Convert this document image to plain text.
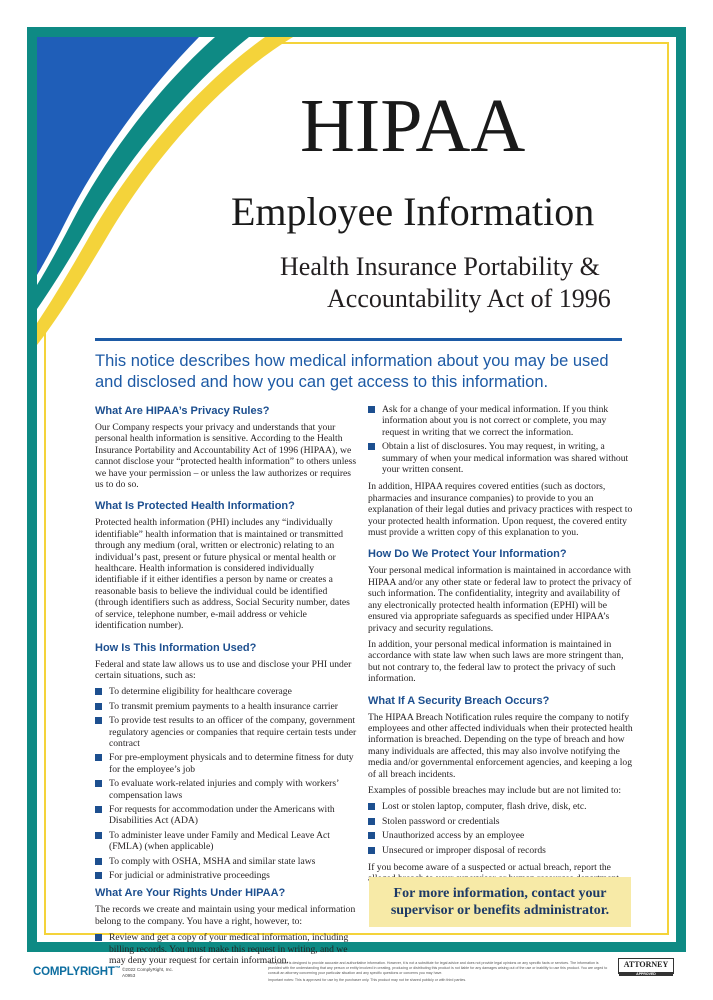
HIPAA
Employee Information
Health Insurance Portability &
Accountability Act of 1996
This notice describes how medical information about you may be used and disclosed and how you can get access to this information.
What Are HIPAA’s Privacy Rules?

Our Company respects your privacy and understands that your personal health information is sensitive. According to the Health Insurance Portability and Accountability Act of 1996 (HIPAA), we cannot disclose your “protected health information” to others unless we have your permission – or unless the law authorizes or requires us to do so.

What Is Protected Health Information?

Protected health information (PHI) includes any “individually identifiable” health information that is maintained or transmitted through any medium (oral, written or electronic) relating to an individual’s past, present or future physical or mental health or healthcare. Health information is considered individually identifiable if it either identifies a person by name or creates a reasonable basis to believe the individual could be identified (through identifiers such as address, Social Security number, dates of service, telephone number, e-mail address or vehicle identification number).

How Is This Information Used?

Federal and state law allows us to use and disclose your PHI under certain situations, such as:

To determine eligibility for healthcare coverage
To transmit premium payments to a health insurance carrier
To provide test results to an officer of the company, government regulatory agencies or companies that require certain tests under contract
For pre-employment physicals and to determine fitness for duty for the employee’s job
To evaluate work-related injuries and comply with workers’ compensation laws
For requests for accommodation under the Americans with Disabilities Act (ADA)
To administer leave under Family and Medical Leave Act (FMLA) (when applicable)
To comply with OSHA, MSHA and similar state laws
For judicial or administrative proceedings
What Are Your Rights Under HIPAA?

The records we create and maintain using your medical information belong to the company. You have a right, however, to:

Review and get a copy of your medical information, including billing records. You must make this request in writing, and we may deny your request for certain information.
Ask for a change of your medical information. If you think information about you is not correct or complete, you may request in writing that we correct the information.
Obtain a list of disclosures. You may request, in writing, a summary of when your medical information was shared without your written consent.

In addition, HIPAA requires covered entities (such as doctors, pharmacies and insurance companies) to provide to you an explanation of their legal duties and privacy practices with respect to your protected health information. Upon request, the covered entity must provide a written copy of this explanation to you.

How Do We Protect Your Information?

Your personal medical information is maintained in accordance with HIPAA and/or any other state or federal law to protect the privacy of such information. The confidentiality, integrity and availability of any electronically protected health information (EPHI) will be ensured via appropriate safeguards as specified under HIPAA’s privacy and security regulations.

In addition, your personal medical information is maintained in accordance with state law when such laws are more stringent than, but not contrary to, the federal law to protect the privacy of such information.

What If A Security Breach Occurs?

The HIPAA Breach Notification rules require the company to notify employees and other affected individuals when their protected health information is breached. Depending on the type of breach and how many individuals are affected, this may also involve notifying the media and/or governmental enforcement agencies, and keeping a log of all breach incidents.

Examples of possible breaches may include but are not limited to:

Lost or stolen laptop, computer, flash drive, disk, etc.
Stolen password or credentials
Unauthorized access by an employee
Unsecured or improper disposal of records

If you become aware of a suspected or actual breach, report the

For more information, contact your supervisor or benefits administrator.
COMPLYRIGHT™ ©2022 ComplyRight, Inc.
A0953

This product is designed to provide accurate and authoritative information. However, it is not a substitute for legal advice and does not provide legal opinions on any specific facts or services. The information is provided with the understanding that any person or entity involved in creating, producing or distributing this product is not liable for any damages arising out of the use or inability to use this product. You are urged to consult an attorney concerning your particular situation and any specific questions or concerns you may have.

Important notes: This is approved for use by the purchaser only. This product may not be shared publicly or with third parties.

ATTORNEY
APPROVED
